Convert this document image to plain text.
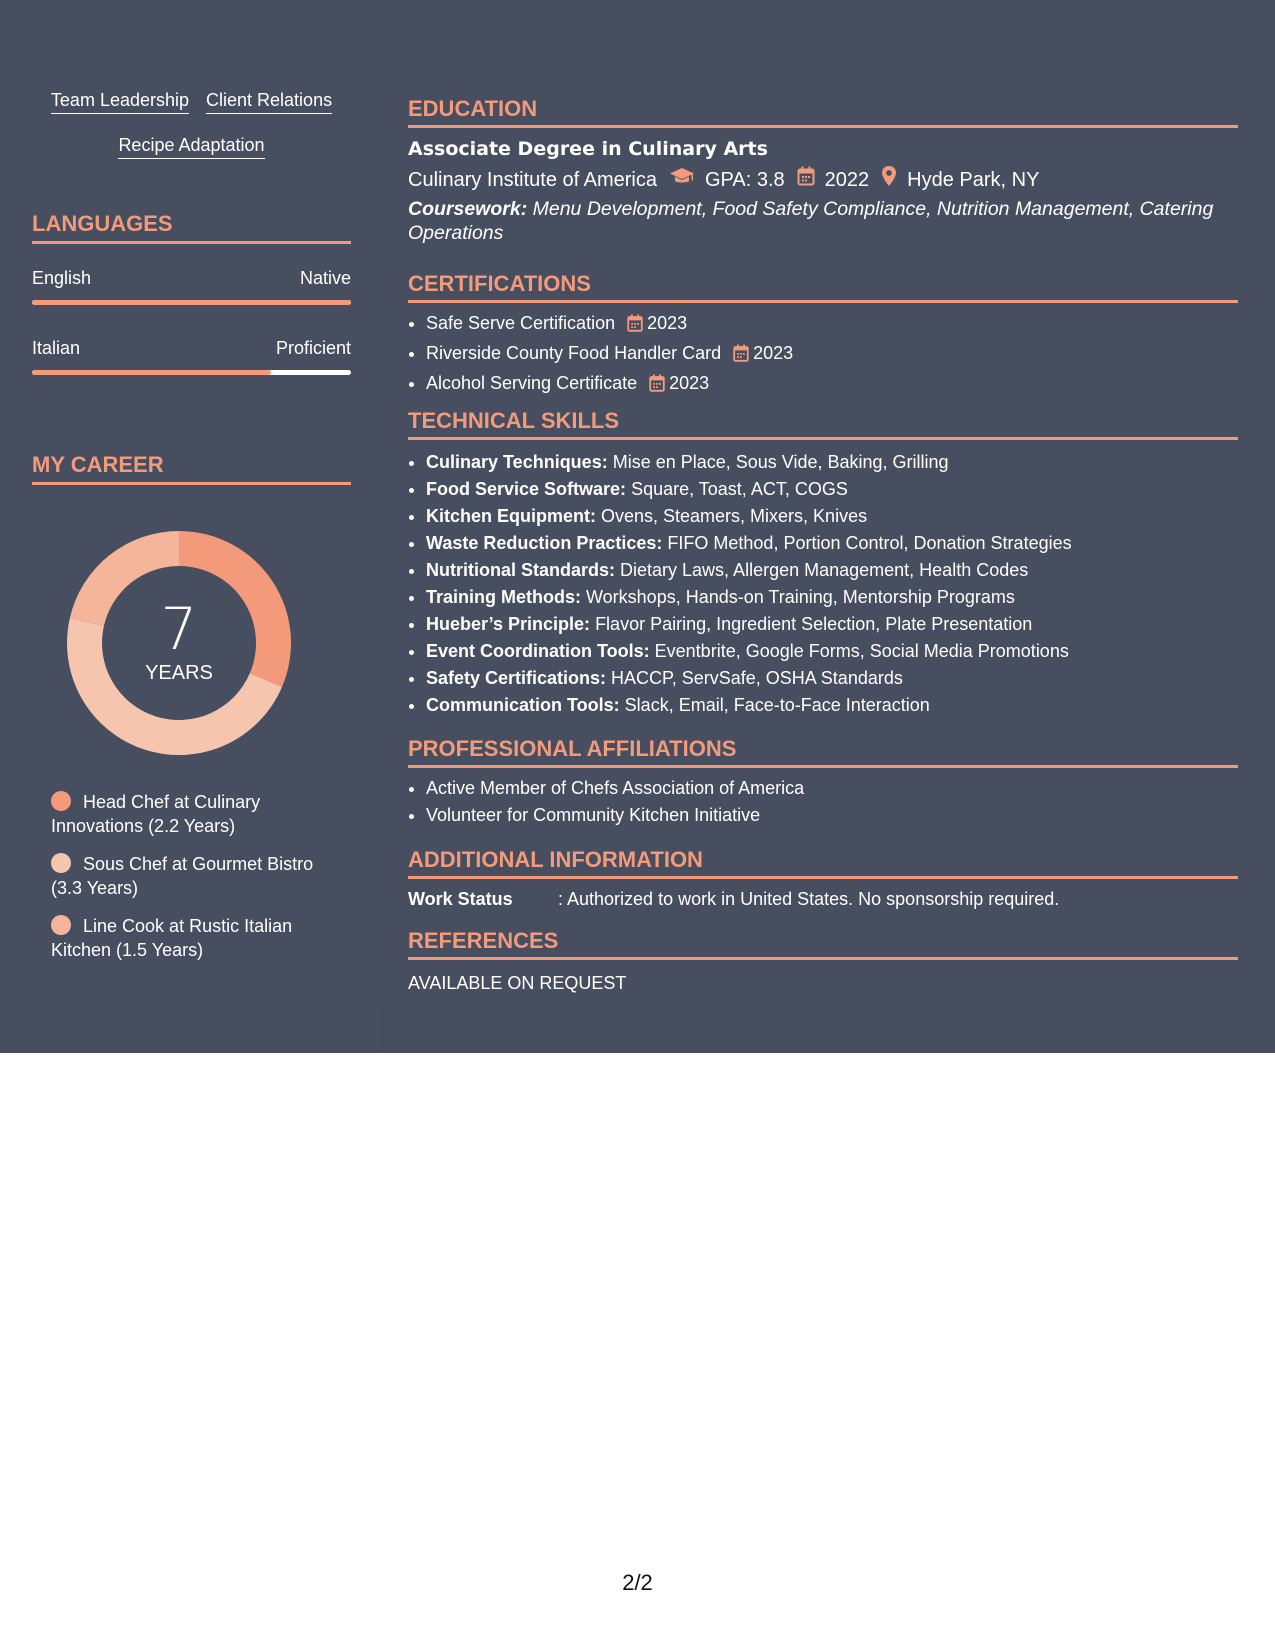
Team Leadership Client Relations
Recipe Adaptation
LANGUAGES
English	Native
Italian	Proficient
MY CAREER
7
YEARS
Head Chef at Culinary Innovations (2.2 Years)
Sous Chef at Gourmet Bistro (3.3 Years)
Line Cook at Rustic Italian Kitchen (1.5 Years)
EDUCATION
Associate Degree in Culinary Arts
Culinary Institute of America GPA: 3.8 2022 Hyde Park, NY
Coursework: Menu Development, Food Safety Compliance, Nutrition Management, Catering Operations
CERTIFICATIONS
• Safe Serve Certification 2023
• Riverside County Food Handler Card 2023
• Alcohol Serving Certificate 2023
TECHNICAL SKILLS
• Culinary Techniques: Mise en Place, Sous Vide, Baking, Grilling
• Food Service Software: Square, Toast, ACT, COGS
• Kitchen Equipment: Ovens, Steamers, Mixers, Knives
• Waste Reduction Practices: FIFO Method, Portion Control, Donation Strategies
• Nutritional Standards: Dietary Laws, Allergen Management, Health Codes
• Training Methods: Workshops, Hands-on Training, Mentorship Programs
• Hueber’s Principle: Flavor Pairing, Ingredient Selection, Plate Presentation
• Event Coordination Tools: Eventbrite, Google Forms, Social Media Promotions
• Safety Certifications: HACCP, ServSafe, OSHA Standards
• Communication Tools: Slack, Email, Face-to-Face Interaction
PROFESSIONAL AFFILIATIONS
• Active Member of Chefs Association of America
• Volunteer for Community Kitchen Initiative
ADDITIONAL INFORMATION
Work Status	: Authorized to work in United States. No sponsorship required.
REFERENCES
AVAILABLE ON REQUEST
2/2
